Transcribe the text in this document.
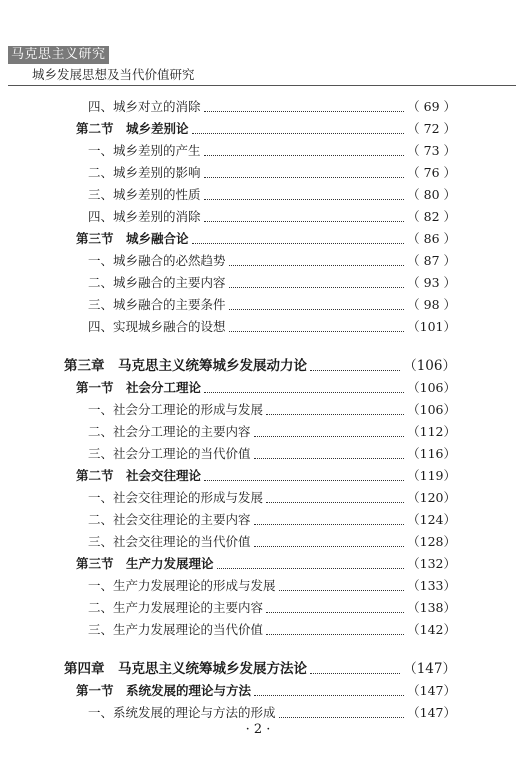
马克思主义研究
城乡发展思想及当代价值研究
四、城乡对立的消除	（ 69 ）
第二节　城乡差别论	（ 72 ）
一、城乡差别的产生	（ 73 ）
二、城乡差别的影响	（ 76 ）
三、城乡差别的性质	（ 80 ）
四、城乡差别的消除	（ 82 ）
第三节　城乡融合论	（ 86 ）
一、城乡融合的必然趋势	（ 87 ）
二、城乡融合的主要内容	（ 93 ）
三、城乡融合的主要条件	（ 98 ）
四、实现城乡融合的设想	（101）
第三章　马克思主义统筹城乡发展动力论	（106）
第一节　社会分工理论	（106）
一、社会分工理论的形成与发展	（106）
二、社会分工理论的主要内容	（112）
三、社会分工理论的当代价值	（116）
第二节　社会交往理论	（119）
一、社会交往理论的形成与发展	（120）
二、社会交往理论的主要内容	（124）
三、社会交往理论的当代价值	（128）
第三节　生产力发展理论	（132）
一、生产力发展理论的形成与发展	（133）
二、生产力发展理论的主要内容	（138）
三、生产力发展理论的当代价值	（142）
第四章　马克思主义统筹城乡发展方法论	（147）
第一节　系统发展的理论与方法	（147）
一、系统发展的理论与方法的形成	（147）
· 2 ·
